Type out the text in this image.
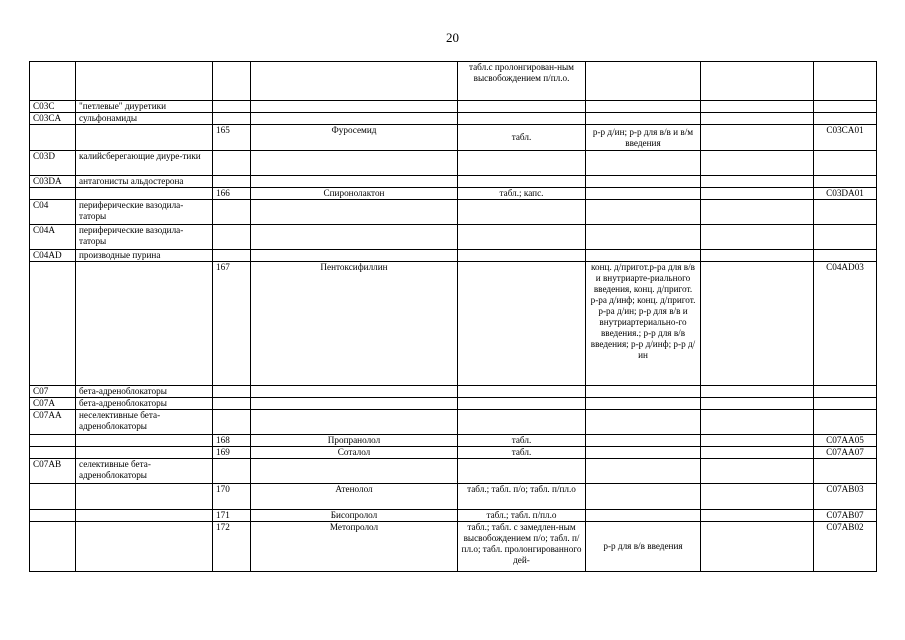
20
				табл.с пролонгирован-ным высвобождением п/пл.о.			
C03C	"петлевые" диуретики						
C03CA	сульфонамиды						
		165	Фуросемид	табл.	р-р д/ин; р-р для в/в и в/м введения		C03CA01
C03D	калийсберегающие диуре-тики						
C03DA	антагонисты альдостерона						
		166	Спиронолактон	табл.; капс.			C03DA01
C04	периферические вазодила-таторы						
C04A	периферические вазодила-таторы						
C04AD	производные пурина						
		167	Пентоксифиллин		конц. д/пригот.р-ра для в/в и внутриарте-риального введения, конц. д/пригот. р-ра д/инф; конц. д/пригот. р-ра д/ин; р-р для в/в и внутриартериально-го введения.; р-р для в/в введения; р-р д/инф; р-р д/ин		C04AD03
C07	бета-адреноблокаторы						
C07A	бета-адреноблокаторы						
C07AA	неселективные бета-адреноблокаторы						
		168	Пропранолол	табл.			C07AA05
		169	Соталол	табл.			C07AA07
C07AB	селективные бета-адреноблокаторы						
		170	Атенолол	табл.; табл. п/о; табл. п/пл.о			C07AB03
		171	Бисопролол	табл.; табл. п/пл.о			C07AB07
		172	Метопролол	табл.; табл. с замедлен-ным высвобождением п/о; табл. п/пл.о; табл. пролонгированного дей-	р-р для в/в введения		C07AB02
